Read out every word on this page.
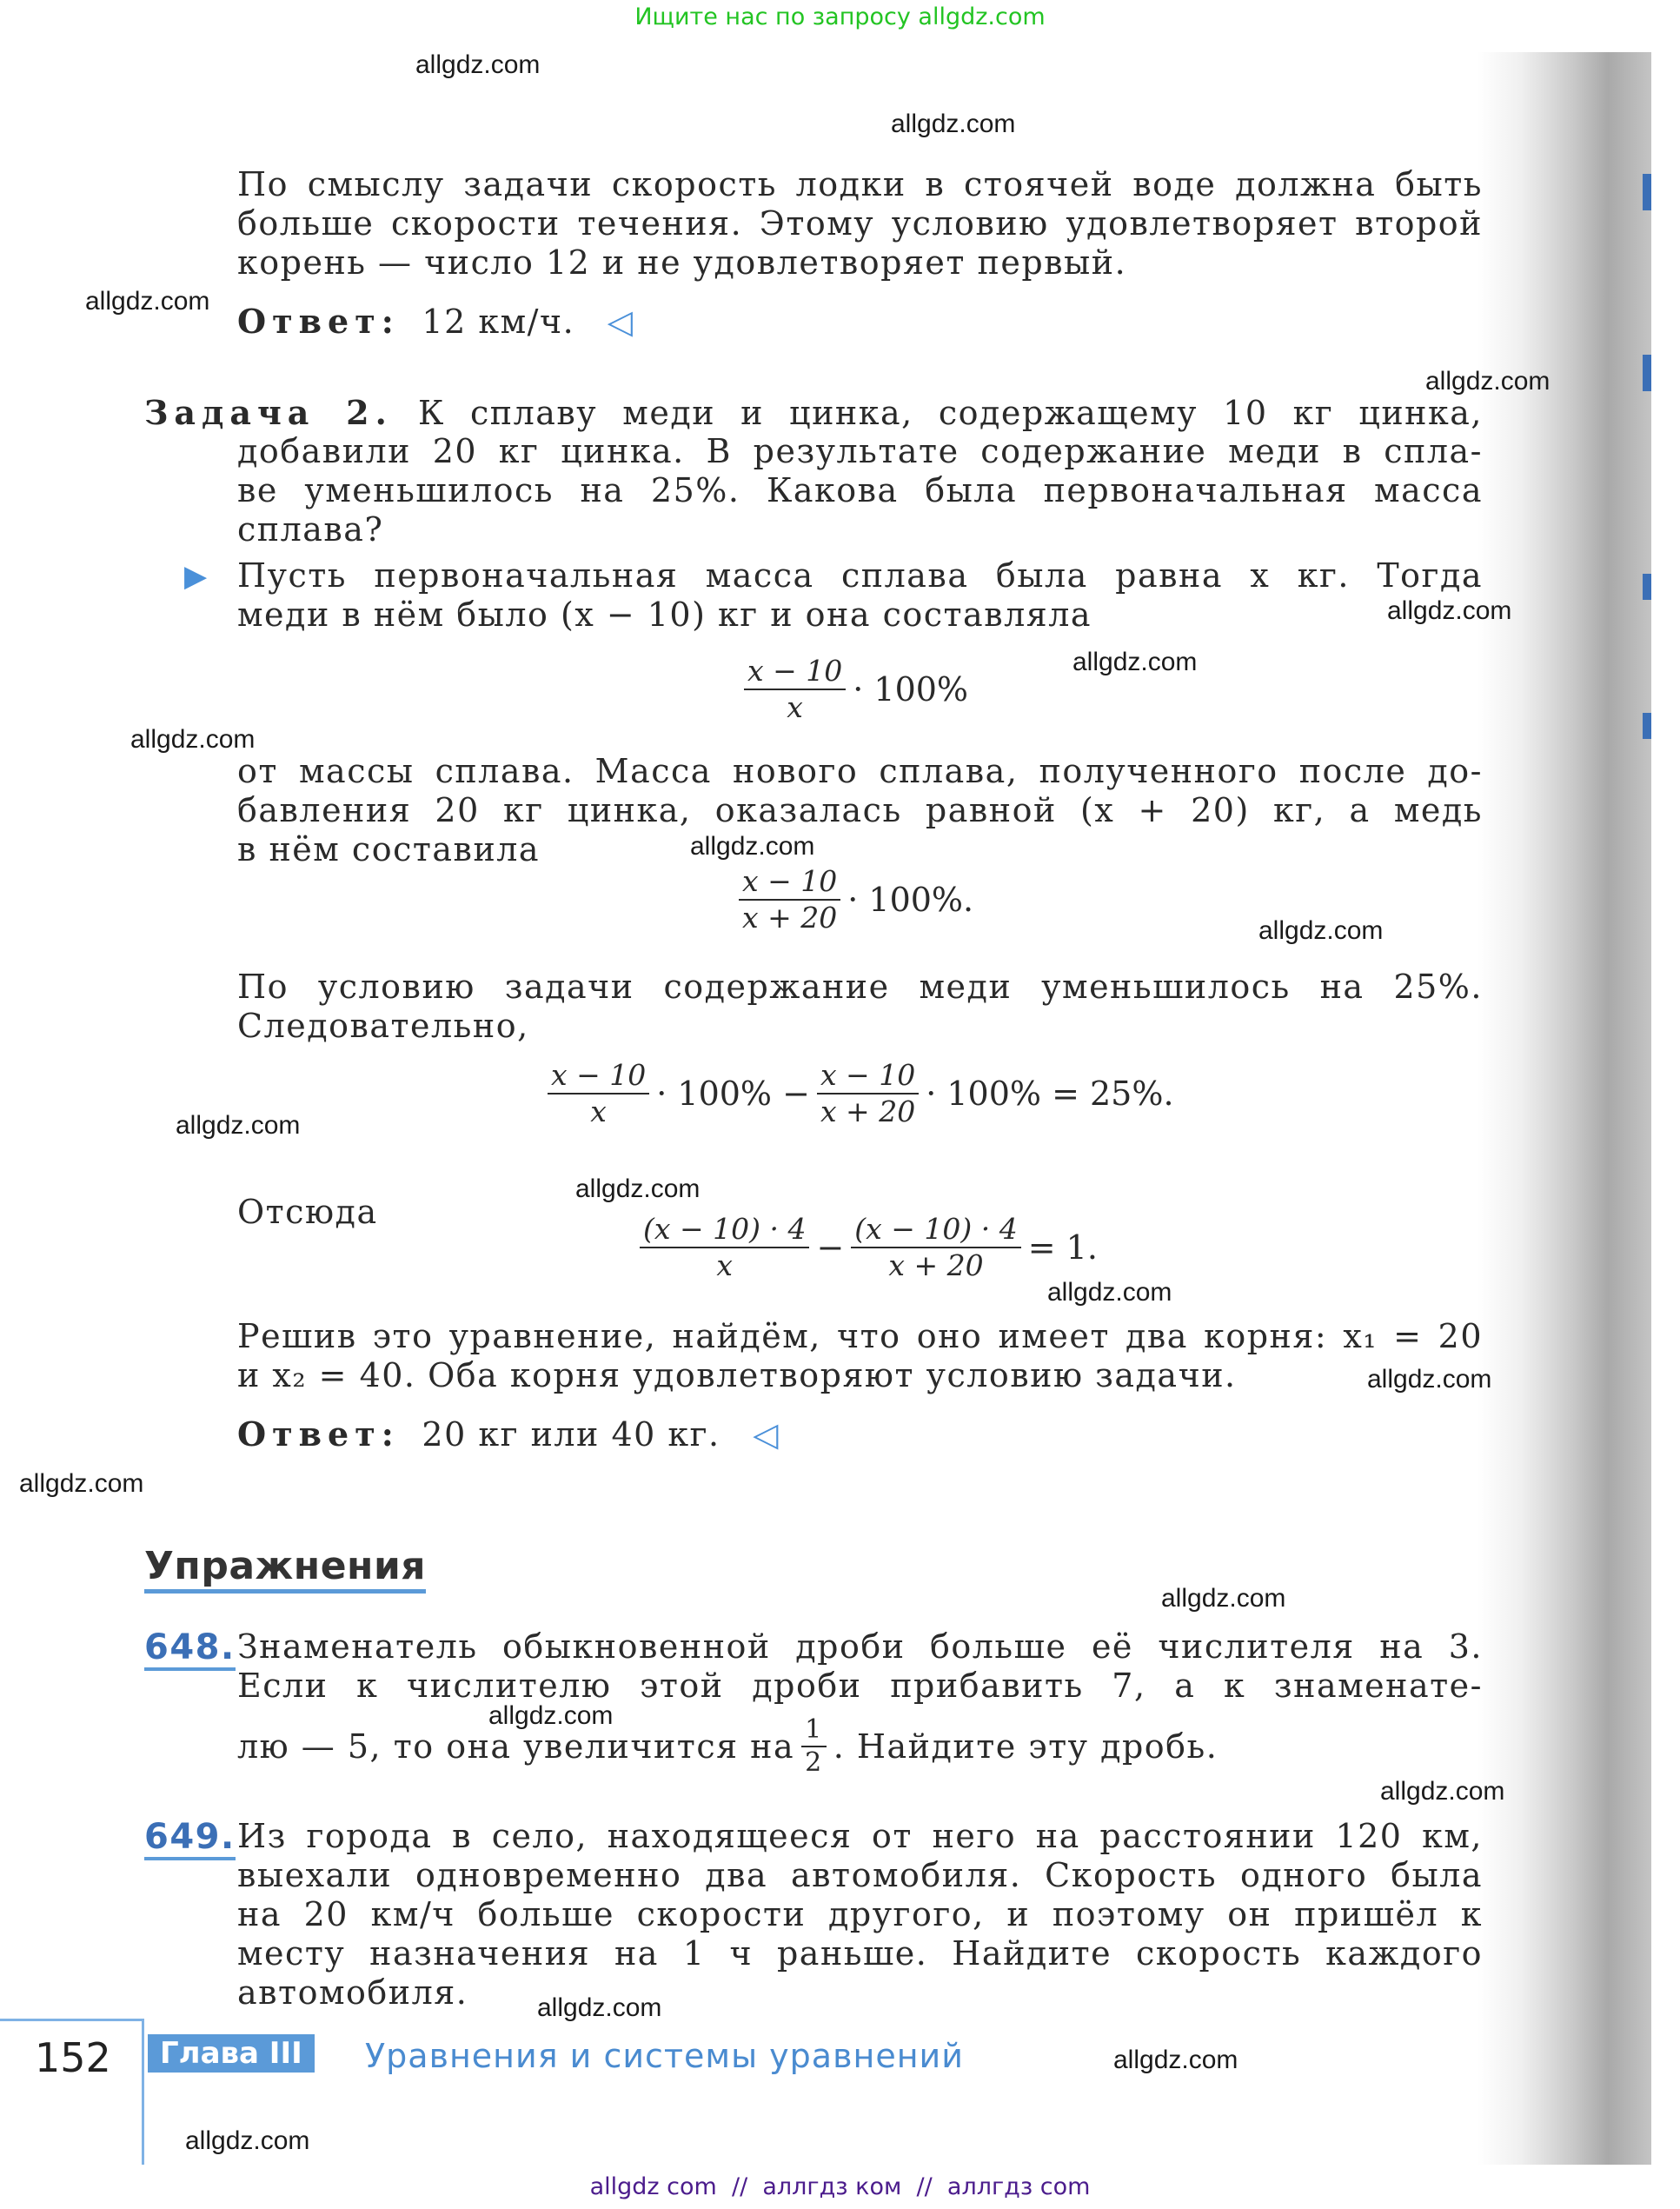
Ищите нас по запросу allgdz.com
По смыслу задачи скорость лодки в стоячей воде должна быть
больше скорости течения. Этому условию удовлетворяет второй
корень — число 12 и не удовлетворяет первый.
Ответ: 12 км/ч. ◁
Задача 2. К сплаву меди и цинка, содержащему 10 кг цинка,
добавили 20 кг цинка. В результате содержание меди в спла-
ве уменьшилось на 25%. Какова была первоначальная масса
сплава?
▶ Пусть первоначальная масса сплава была равна x кг. Тогда
меди в нём было (x − 10) кг и она составляла
$\frac{x - 10}{x} \cdot 100\%$
от массы сплава. Масса нового сплава, полученного после до-
бавления 20 кг цинка, оказалась равной (x + 20) кг, а медь
в нём составила
$\frac{x - 10}{x + 20} \cdot 100\%$.
По условию задачи содержание меди уменьшилось на 25%.
Следовательно,
$\frac{x - 10}{x} \cdot 100\% - \frac{x - 10}{x + 20} \cdot 100\% = 25\%$.
Отсюда	$\frac{(x - 10) \cdot 4}{x} - \frac{(x - 10) \cdot 4}{x + 20} = 1$.
Решив это уравнение, найдём, что оно имеет два корня: x₁ = 20
и x₂ = 40. Оба корня удовлетворяют условию задачи.
Ответ: 20 кг или 40 кг. ◁
Упражнения
648. Знаменатель обыкновенной дроби больше её числителя на 3.
Если к числителю этой дроби прибавить 7, а к знаменате-
лю — 5, то она увеличится на $\frac{1}{2}$ . Найдите эту дробь.
649. Из города в село, находящееся от него на расстоянии 120 км,
выехали одновременно два автомобиля. Скорость одного была
на 20 км/ч больше скорости другого, и поэтому он пришёл к
месту назначения на 1 ч раньше. Найдите скорость каждого
автомобиля.
152	Глава III	Уравнения и системы уравнений
allgdz com  //  аллгдз ком  //  аллгдз com
allgdz.com
allgdz.com
allgdz.com
allgdz.com
allgdz.com
allgdz.com
allgdz.com
allgdz.com
allgdz.com
allgdz.com
allgdz.com
allgdz.com
allgdz.com
allgdz.com
allgdz.com
allgdz.com
allgdz.com
allgdz.com
allgdz.com
allgdz.com
